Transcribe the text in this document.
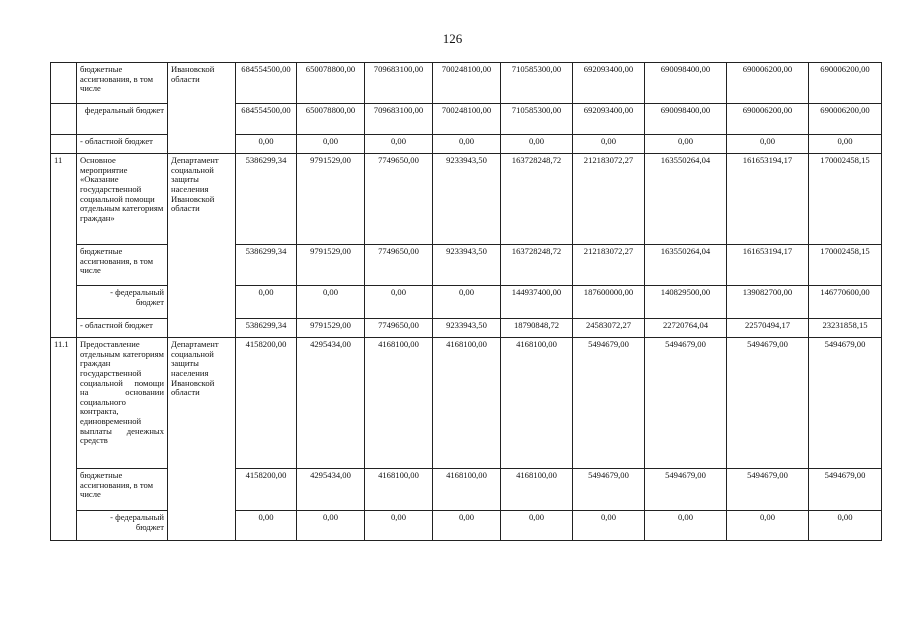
126
	бюджетные ассигнования, в том числе	Ивановской области	684554500,00	650078800,00	709683100,00	700248100,00	710585300,00	692093400,00	690098400,00	690006200,00	690006200,00
	федеральный бюджет		684554500,00	650078800,00	709683100,00	700248100,00	710585300,00	692093400,00	690098400,00	690006200,00	690006200,00
	- областной бюджет		0,00	0,00	0,00	0,00	0,00	0,00	0,00	0,00	0,00
11	Основное мероприятие «Оказание государственной социальной помощи отдельным категориям граждан»	Департамент социальной защиты населения Ивановской области	5386299,34	9791529,00	7749650,00	9233943,50	163728248,72	212183072,27	163550264,04	161653194,17	170002458,15
	бюджетные ассигнования, в том числе		5386299,34	9791529,00	7749650,00	9233943,50	163728248,72	212183072,27	163550264,04	161653194,17	170002458,15
	- федеральный бюджет		0,00	0,00	0,00	0,00	144937400,00	187600000,00	140829500,00	139082700,00	146770600,00
	- областной бюджет		5386299,34	9791529,00	7749650,00	9233943,50	18790848,72	24583072,27	22720764,04	22570494,17	23231858,15
11.1	Предоставление отдельным категориям граждан государственной социальной помощи на основании социального контракта, единовременной выплаты денежных средств	Департамент социальной защиты населения Ивановской области	4158200,00	4295434,00	4168100,00	4168100,00	4168100,00	5494679,00	5494679,00	5494679,00	5494679,00
	бюджетные ассигнования, в том числе		4158200,00	4295434,00	4168100,00	4168100,00	4168100,00	5494679,00	5494679,00	5494679,00	5494679,00
	- федеральный бюджет		0,00	0,00	0,00	0,00	0,00	0,00	0,00	0,00	0,00
